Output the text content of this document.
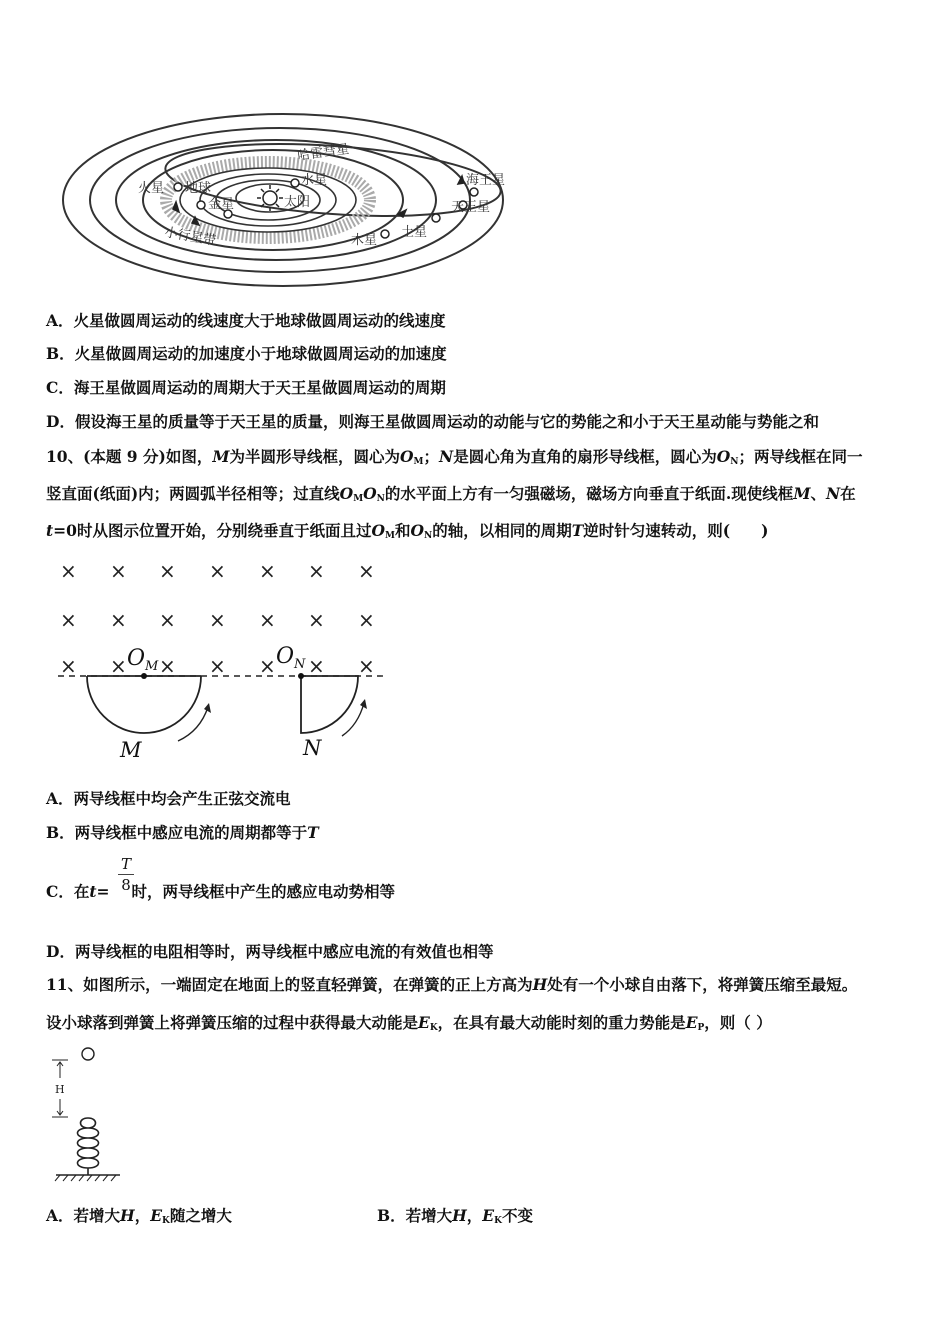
哈雷彗星
海王星
火星 地球
水星
金星	太阳	天王星
土星
木星
小行星带
A．火星做圆周运动的线速度大于地球做圆周运动的线速度
B．火星做圆周运动的加速度小于地球做圆周运动的加速度
C．海王星做圆周运动的周期大于天王星做圆周运动的周期
D．假设海王星的质量等于天王星的质量，则海王星做圆周运动的动能与它的势能之和小于天王星动能与势能之和
10、(本题 9 分)如图，M为半圆形导线框，圆心为$O_M$；N是圆心角为直角的扇形导线框，圆心为$O_N$；两导线框在同一
竖直面(纸面)内；两圆弧半径相等；过直线$O_MO_N$的水平面上方有一匀强磁场，磁场方向垂直于纸面.现使线框M、N在
t=0时从图示位置开始，分别绕垂直于纸面且过$O_M$和$O_N$的轴，以相同的周期T逆时针匀速转动，则(　　)
× × × × × × ×
× × × × × × ×
× × × × × × ×
$O_M$	$O_N$
M	N
A．两导线框中均会产生正弦交流电
B．两导线框中感应电流的周期都等于T
$\frac{T}{8}$
C．在t= 时，两导线框中产生的感应电动势相等
D．两导线框的电阻相等时，两导线框中感应电流的有效值也相等
11、如图所示，一端固定在地面上的竖直轻弹簧，在弹簧的正上方高为H处有一个小球自由落下，将弹簧压缩至最短。
设小球落到弹簧上将弹簧压缩的过程中获得最大动能是$E_K$，在具有最大动能时刻的重力势能是$E_P$，则（ ）
H
A．若增大H，$E_K$随之增大	B．若增大H，$E_K$不变
